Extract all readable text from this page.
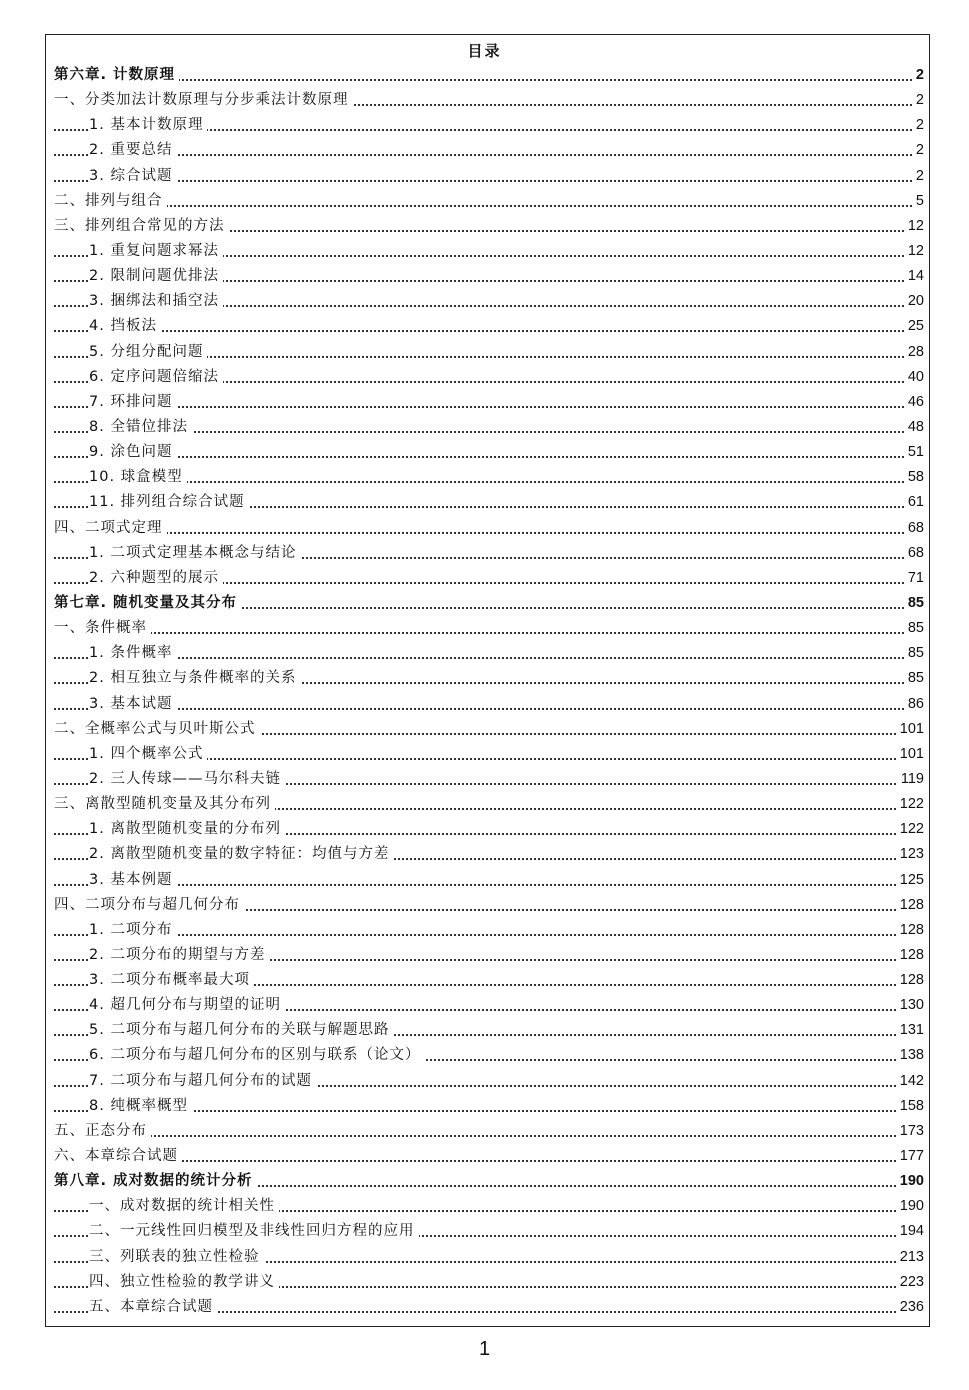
目录
第六章. 计数原理	2
一、分类加法计数原理与分步乘法计数原理	2
1. 基本计数原理	2
2. 重要总结	2
3. 综合试题	2
二、排列与组合	5
三、排列组合常见的方法	12
1. 重复问题求幂法	12
2. 限制问题优排法	14
3. 捆绑法和插空法	20
4. 挡板法	25
5. 分组分配问题	28
6. 定序问题倍缩法	40
7. 环排问题	46
8. 全错位排法	48
9. 涂色问题	51
10. 球盒模型	58
11. 排列组合综合试题	61
四、二项式定理	68
1. 二项式定理基本概念与结论	68
2. 六种题型的展示	71
第七章. 随机变量及其分布	85
一、条件概率	85
1. 条件概率	85
2. 相互独立与条件概率的关系	85
3. 基本试题	86
二、全概率公式与贝叶斯公式	101
1. 四个概率公式	101
2. 三人传球——马尔科夫链	119
三、离散型随机变量及其分布列	122
1. 离散型随机变量的分布列	122
2. 离散型随机变量的数字特征：均值与方差	123
3. 基本例题	125
四、二项分布与超几何分布	128
1. 二项分布	128
2. 二项分布的期望与方差	128
3. 二项分布概率最大项	128
4. 超几何分布与期望的证明	130
5. 二项分布与超几何分布的关联与解题思路	131
6. 二项分布与超几何分布的区别与联系（论文）	138
7. 二项分布与超几何分布的试题	142
8. 纯概率概型	158
五、正态分布	173
六、本章综合试题	177
第八章. 成对数据的统计分析	190
一、成对数据的统计相关性	190
二、一元线性回归模型及非线性回归方程的应用	194
三、列联表的独立性检验	213
四、独立性检验的教学讲义	223
五、本章综合试题	236
1
